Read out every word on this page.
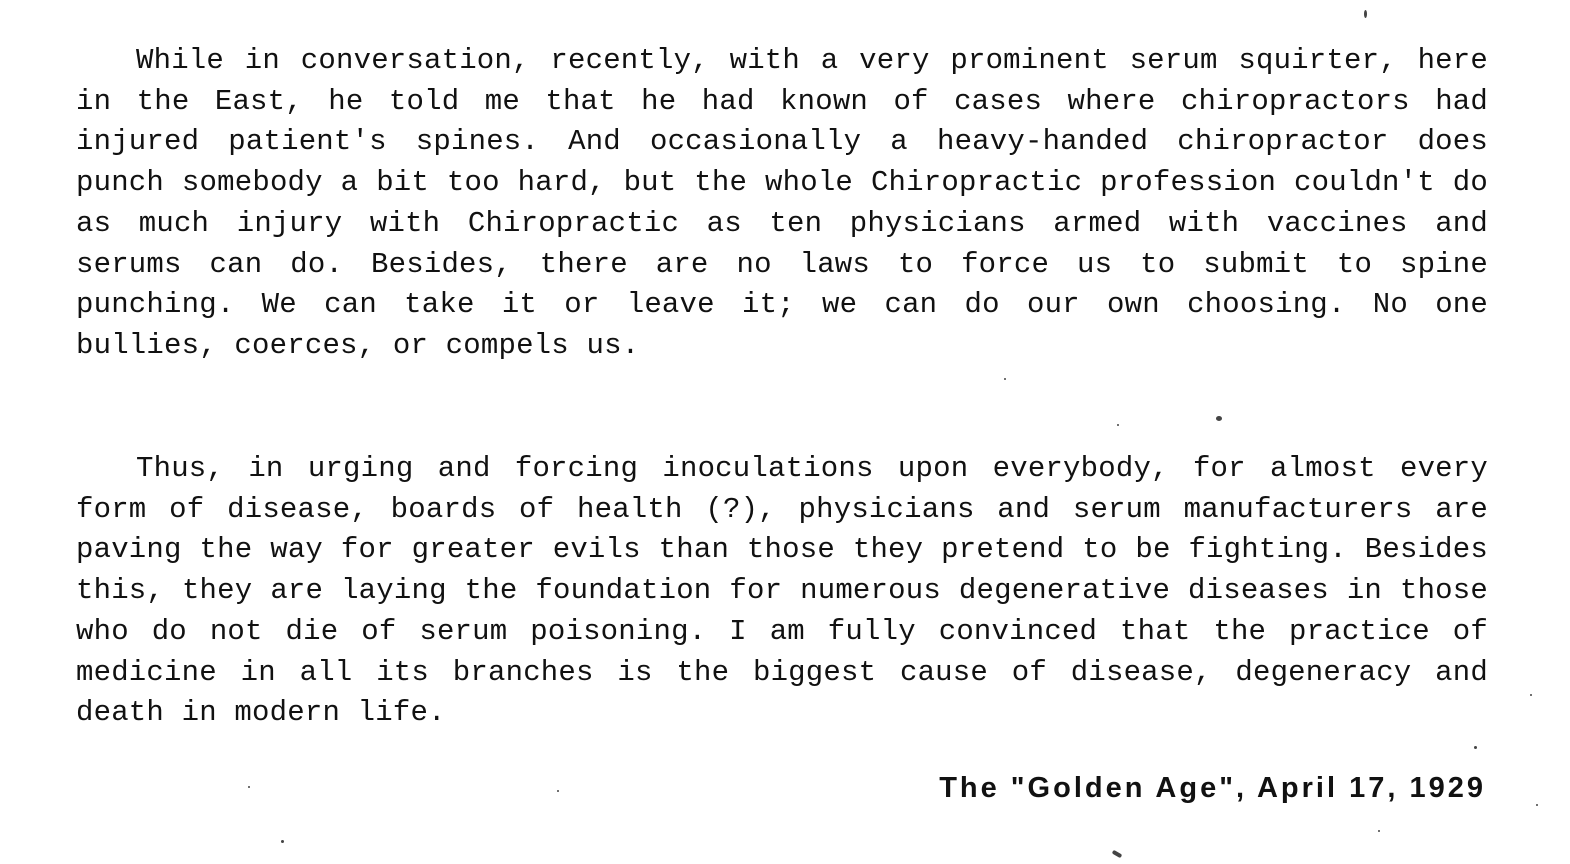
While in conversation, recently, with a very prominent serum squirter, here in the East, he told me that he had known of cases where chiropractors had injured patient's spines. And occasionally a heavy-handed chiropractor does punch somebody a bit too hard, but the whole Chiropractic profession couldn't do as much injury with Chiropractic as ten physicians armed with vaccines and serums can do. Besides, there are no laws to force us to submit to spine punching. We can take it or leave it; we can do our own choosing. No one bullies, coerces, or compels us.

Thus, in urging and forcing inoculations upon everybody, for almost every form of disease, boards of health (?), physicians and serum manufacturers are paving the way for greater evils than those they pretend to be fighting. Besides this, they are laying the foundation for numerous degenerative diseases in those who do not die of serum poisoning. I am fully convinced that the practice of medicine in all its branches is the biggest cause of disease, degeneracy and death in modern life.

The "Golden Age", April 17, 1929
